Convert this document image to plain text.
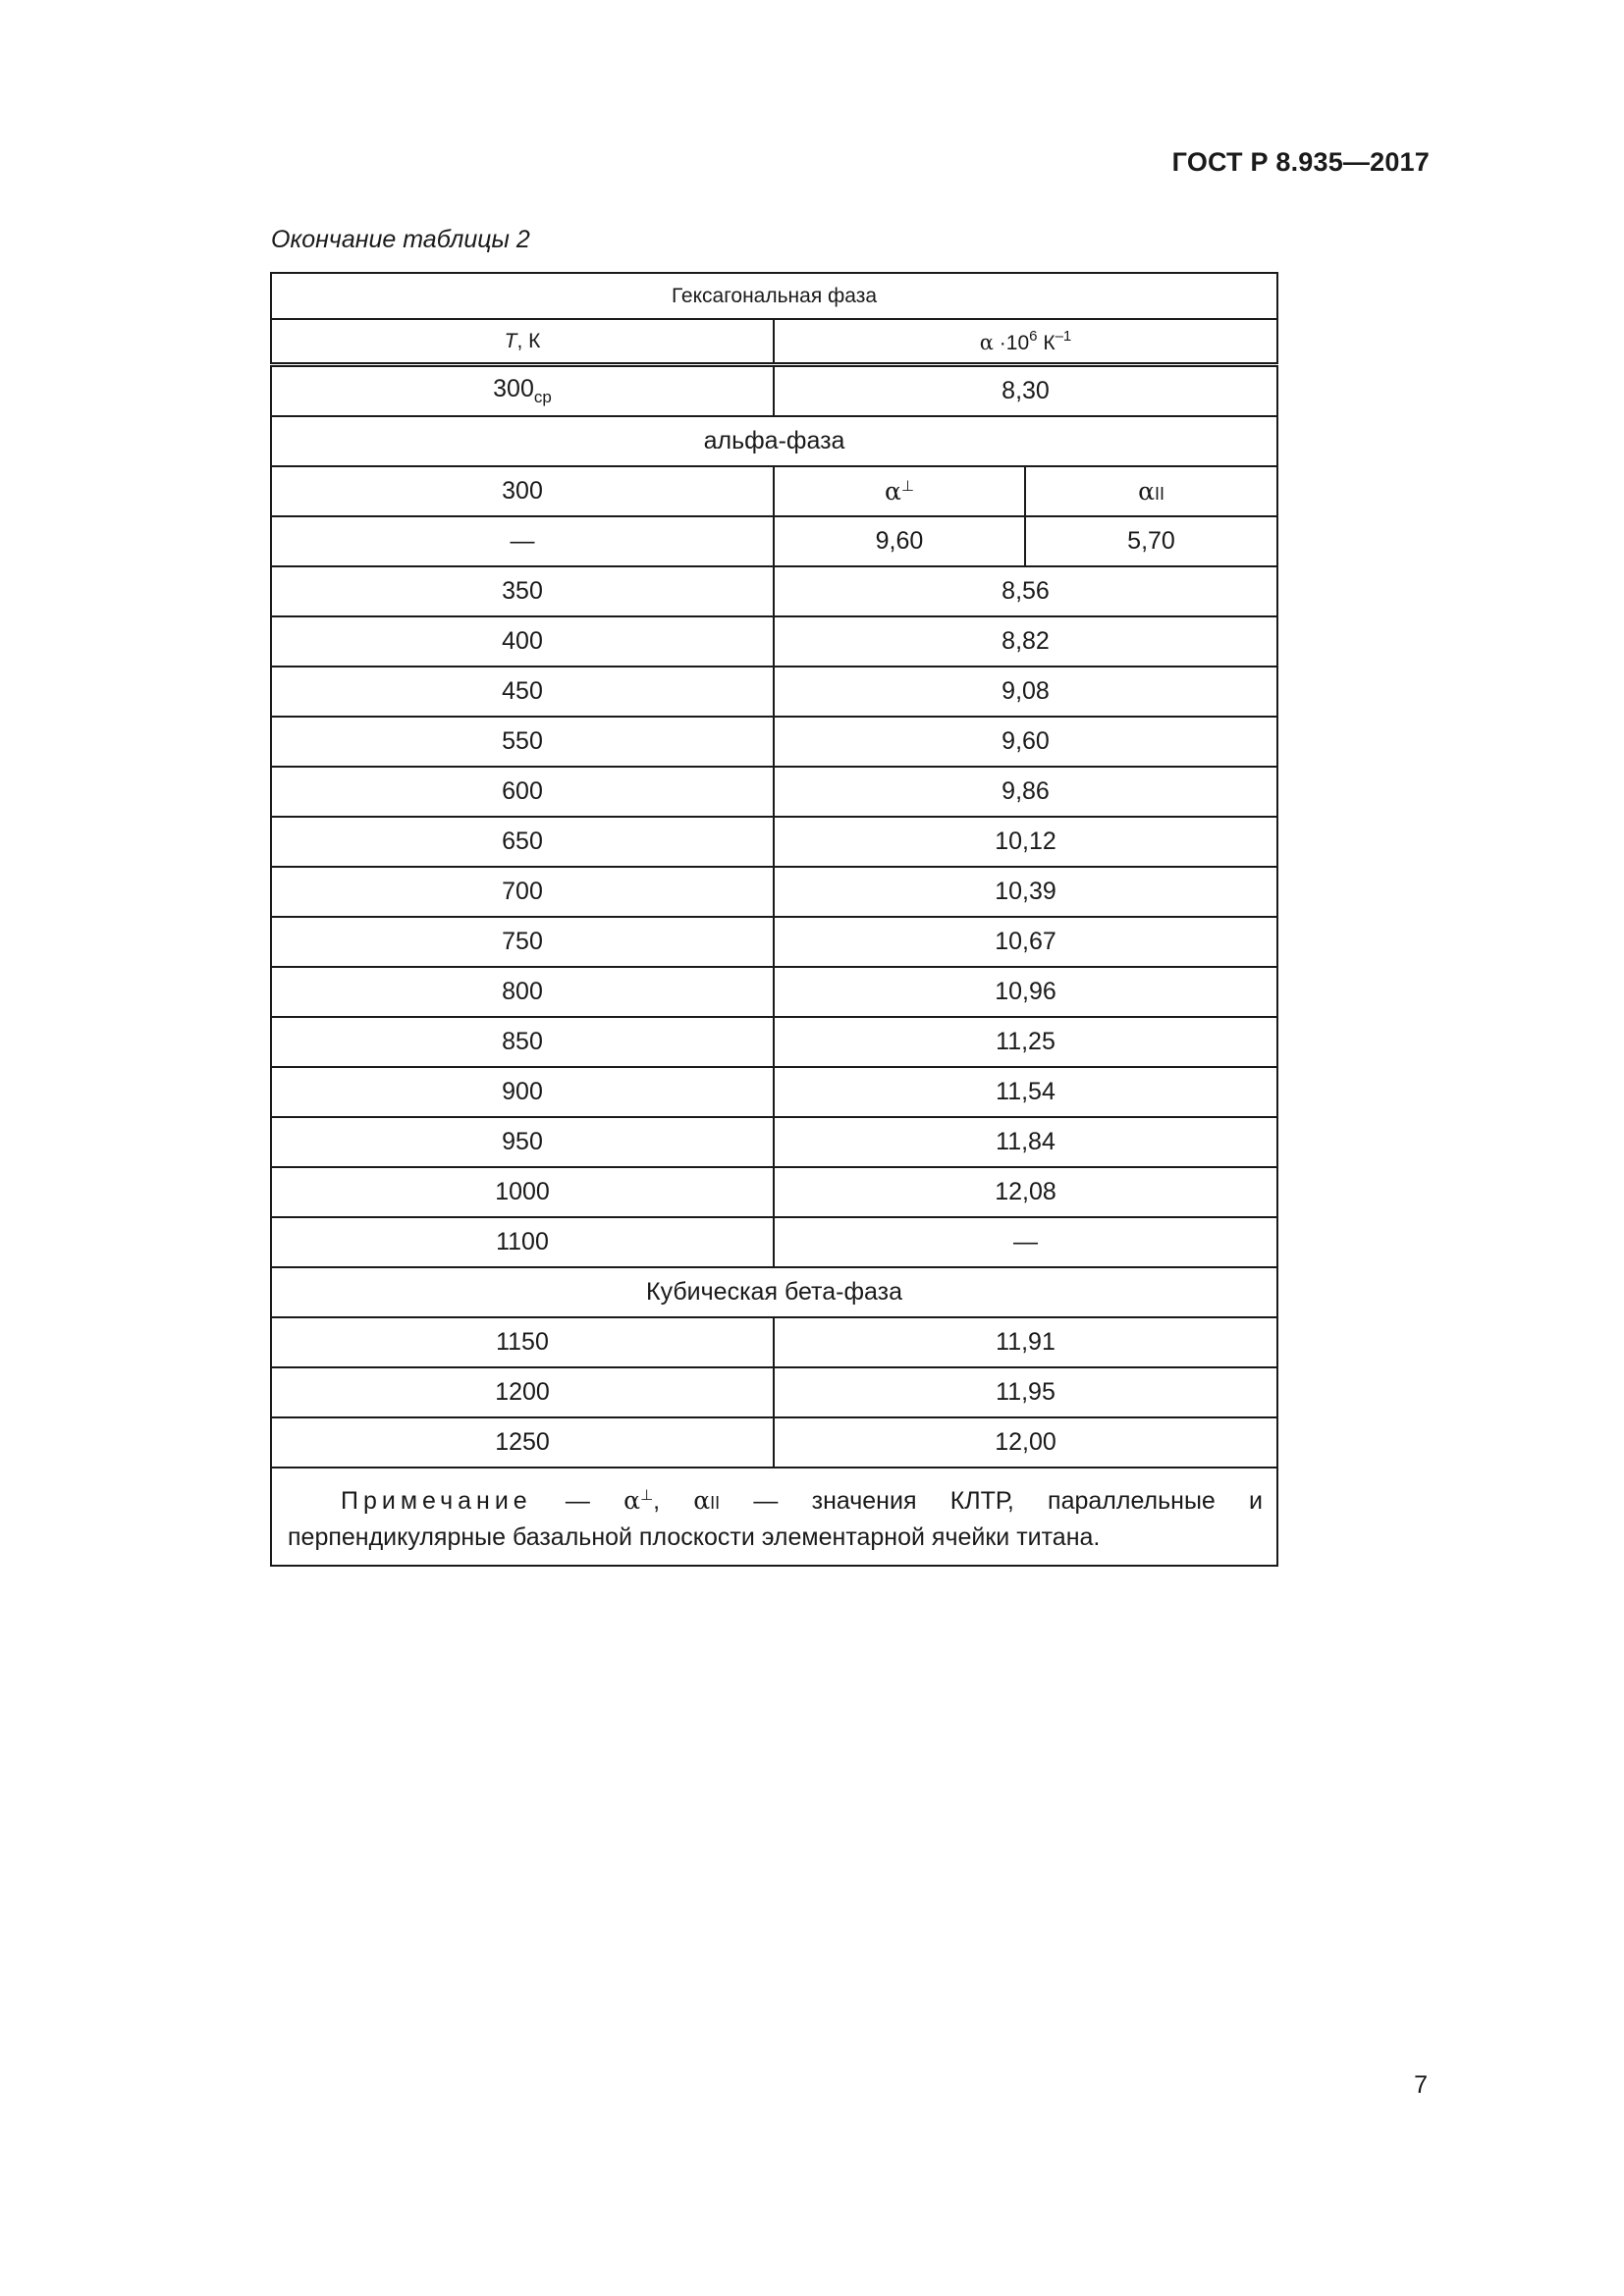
ГОСТ Р 8.935—2017
Окончание таблицы 2
Гексагональная фаза		
T, К	$\alpha \cdot 10^6$ $К^{-1}$
$300_{ср}$	8,30	
альфа-фаза		
300	α⊥	αII
—	9,60	5,70
350	8,56	
400	8,82	
450	9,08	
550	9,60	
600	9,86	
650	10,12	
700	10,39	
750	10,67	
800	10,96	
850	11,25	
900	11,54	
950	11,84	
1000	12,08	
1100	—	
Кубическая бета-фаза		
1150	11,91	
1200	11,95	
1250	12,00	

Примечание — α⊥, αII — значения КЛТР, параллельные и перпендикулярные базальной плоскости элементарной ячейки титана.		
7
